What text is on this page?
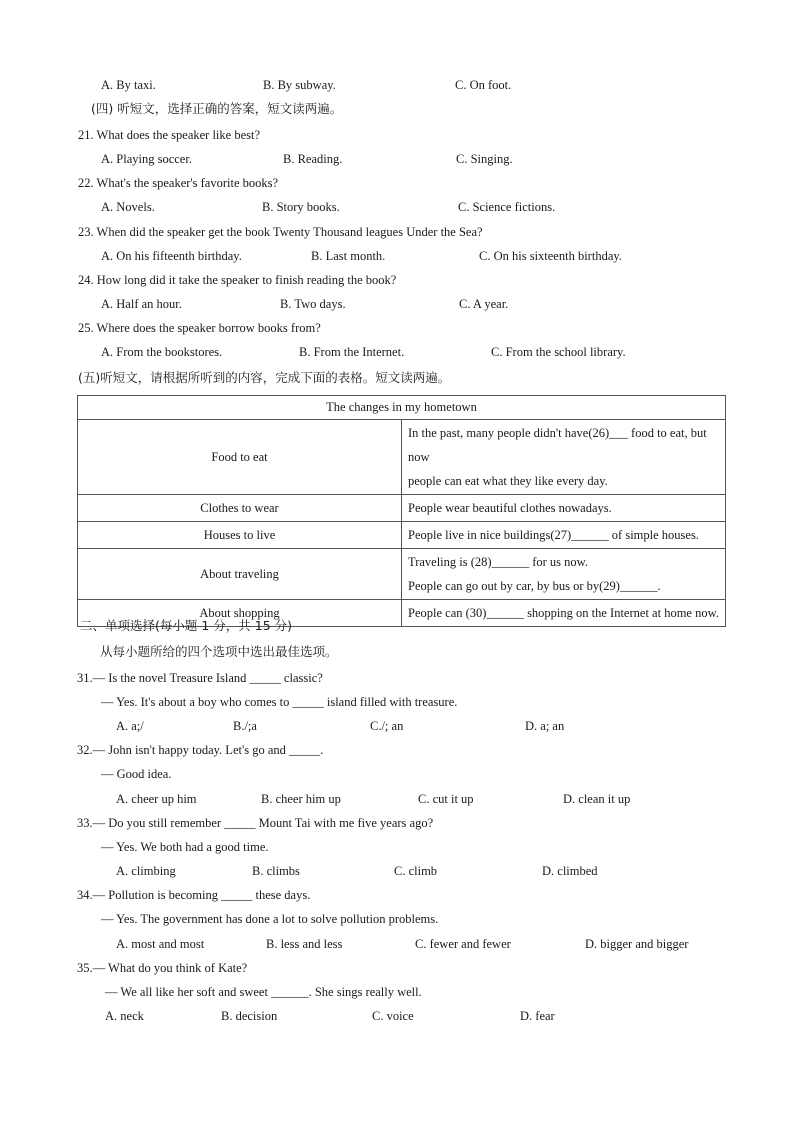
A. By taxi.	B. By subway.	C. On foot.
(四) 听短文，选择正确的答案，短文读两遍。
21. What does the speaker like best?
A. Playing soccer.	B. Reading.	C. Singing.
22. What's the speaker's favorite books?
A. Novels.	B. Story books.	C. Science fictions.
23. When did the speaker get the book Twenty Thousand leagues Under the Sea?
A. On his fifteenth birthday.	B. Last month.	C. On his sixteenth birthday.
24. How long did it take the speaker to finish reading the book?
A. Half an hour.	B. Two days.	C. A year.
25. Where does the speaker borrow books from?
A. From the bookstores.	B. From the Internet.	C. From the school library.
(五)听短文，请根据所听到的内容，完成下面的表格。短文读两遍。
The changes in my hometown	
Food to eat	In the past, many people didn't have(26)___ food to eat, but now
people can eat what they like every day.

Clothes to wear	People wear beautiful clothes nowadays.

Houses to live	People live in nice buildings(27)______ of simple houses.

About traveling	Traveling is (28)______ for us now.
People can go out by car, by bus or by(29)______.

About shopping	People can (30)______ shopping on the Internet at home now.
二、单项选择(每小题 1 分，共 15 分)
从每小题所给的四个选项中选出最佳选项。
31.— Is the novel Treasure Island _____ classic?
— Yes. It's about a boy who comes to _____ island filled with treasure.
A. a;/	B./;a	C./; an	D. a; an
32.— John isn't happy today. Let's go and _____.
— Good idea.
A. cheer up him	B. cheer him up	C. cut it up	D. clean it up
33.— Do you still remember _____ Mount Tai with me five years ago?
— Yes. We both had a good time.
A. climbing	B. climbs	C. climb	D. climbed
34.— Pollution is becoming _____ these days.
— Yes. The government has done a lot to solve pollution problems.
A. most and most	B. less and less	C. fewer and fewer	D. bigger and bigger
35.— What do you think of Kate?
— We all like her soft and sweet ______. She sings really well.
A. neck	B. decision	C. voice	D. fear
